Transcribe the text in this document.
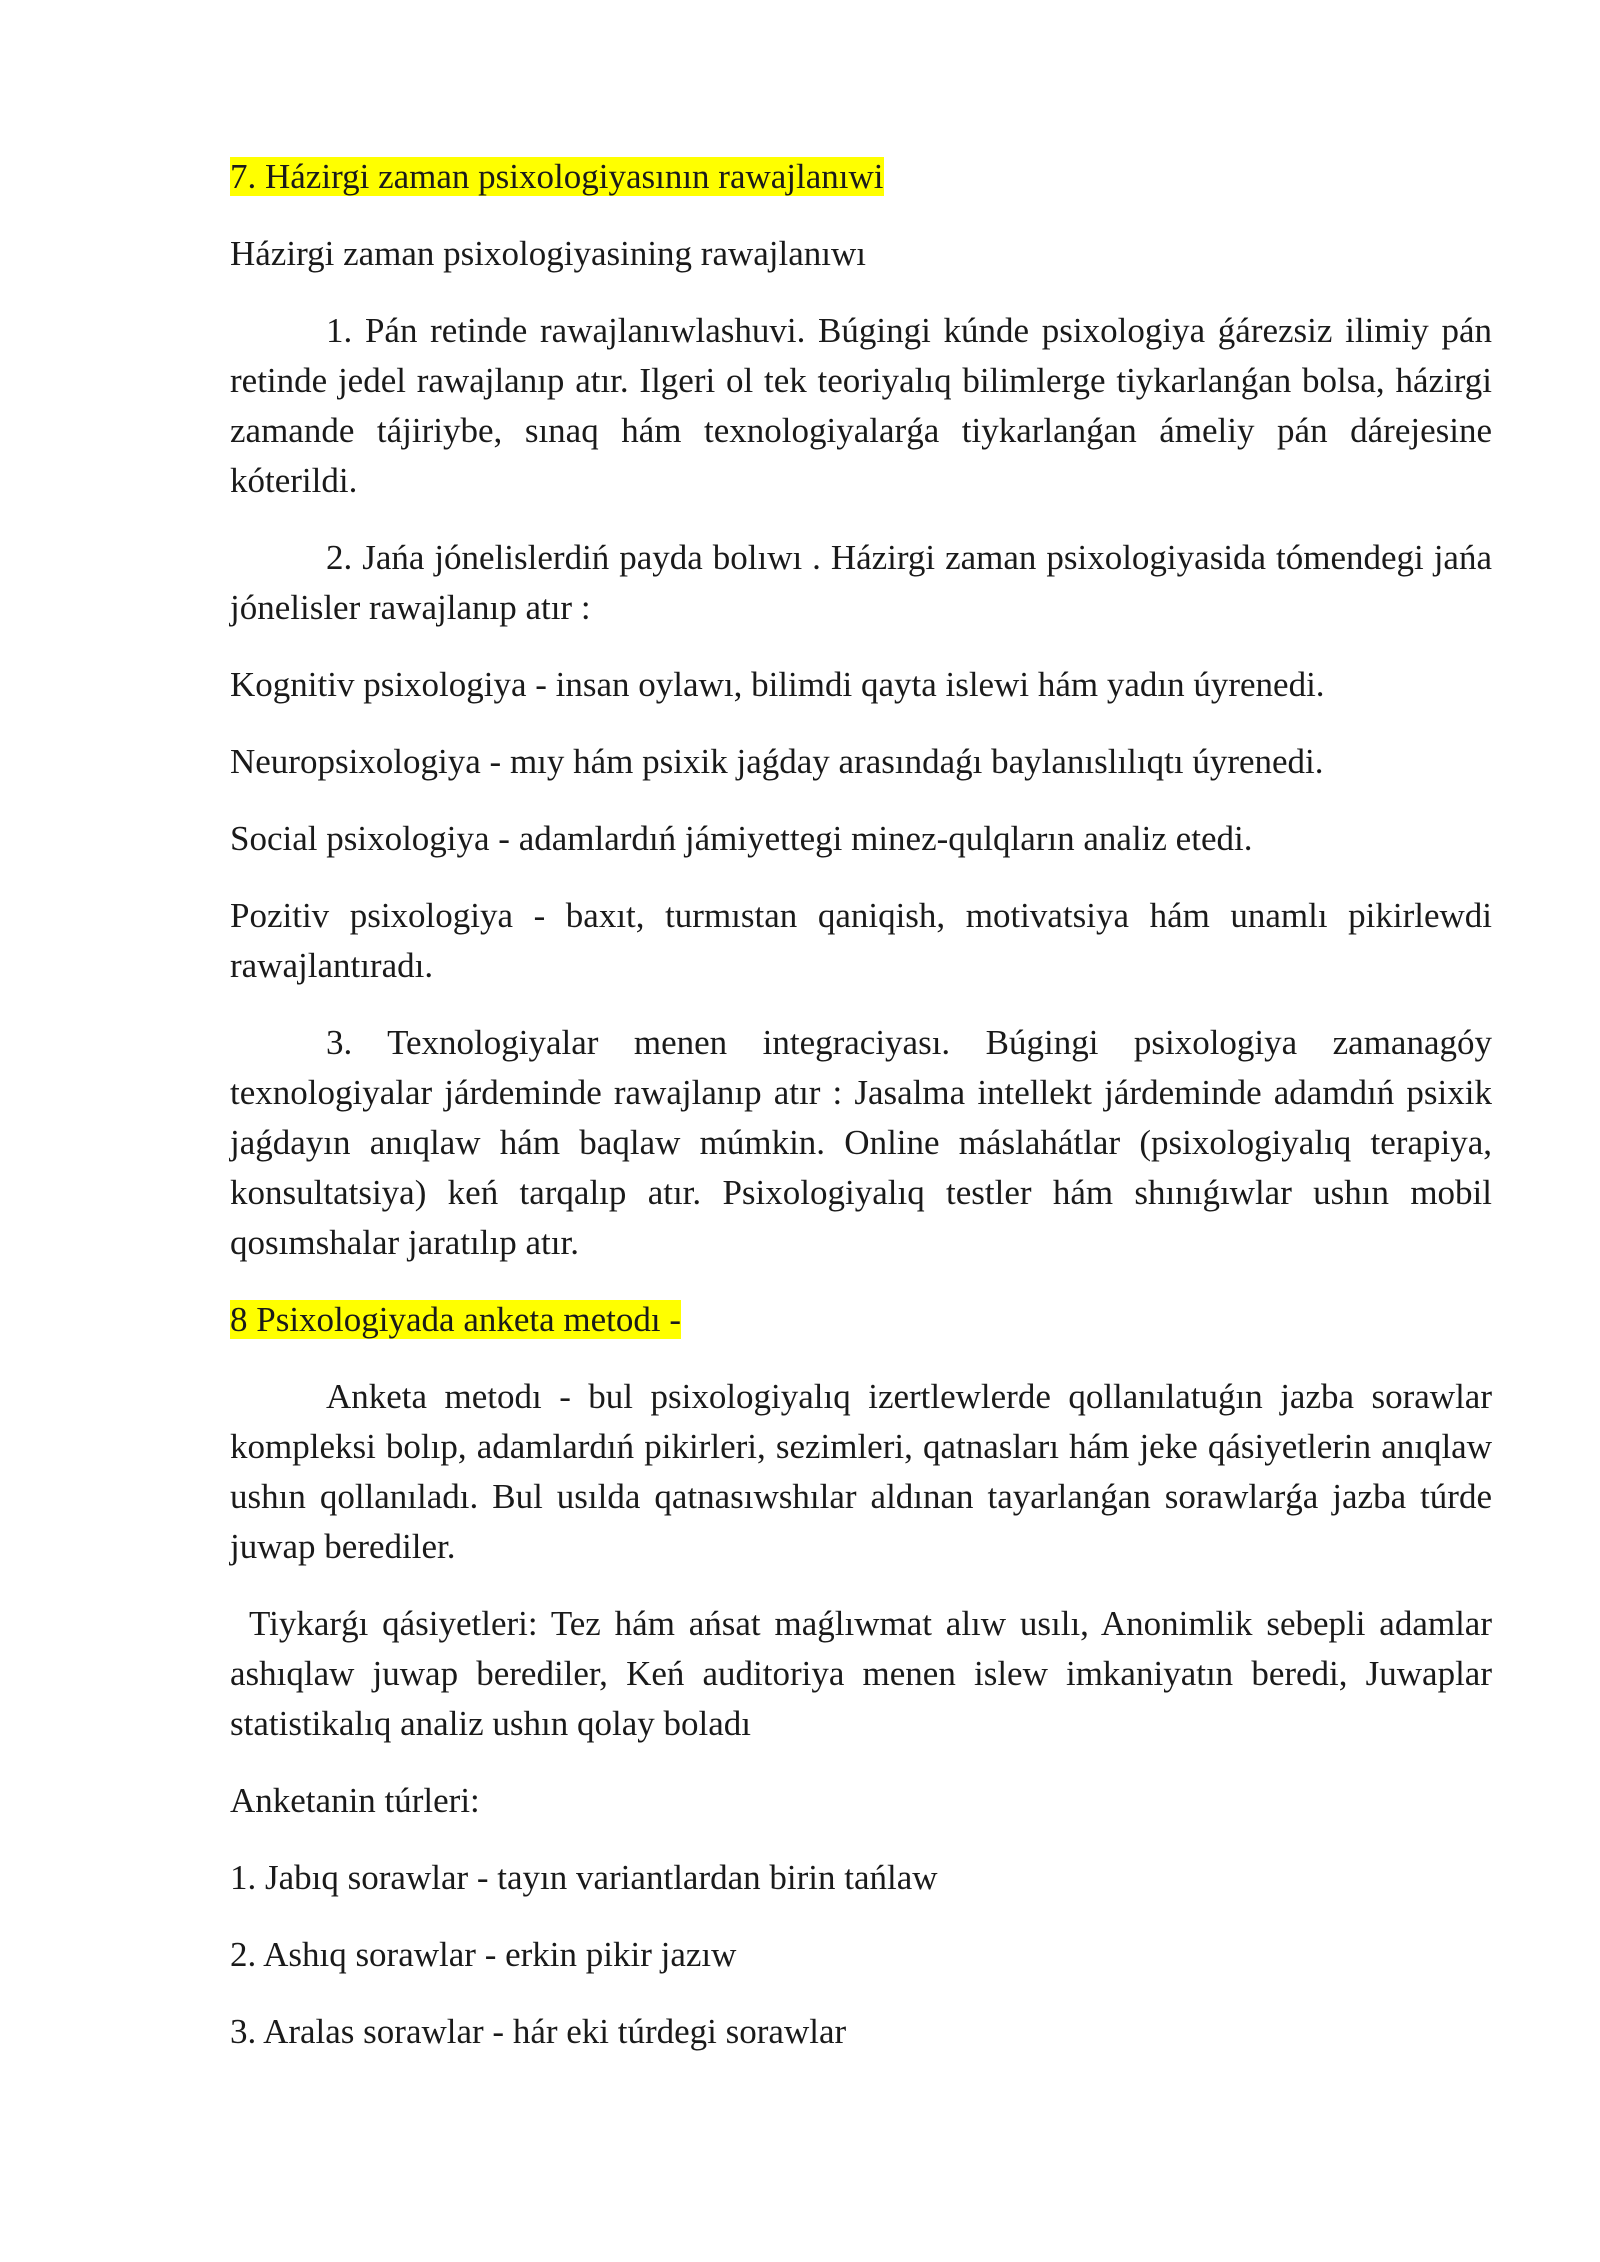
7. Házirgi zaman psixologiyasının rawajlanıwi

Házirgi zaman psixologiyasining rawajlanıwı

1. Pán retinde rawajlanıwlashuvi. Búgingi kúnde psixologiya ǵárezsiz ilimiy pán retinde jedel rawajlanıp atır. Ilgeri ol tek teoriyalıq bilimlerge tiykarlanǵan bolsa, házirgi zamande tájiriybe, sınaq hám texnologiyalarǵa tiykarlanǵan ámeliy pán dárejesine kóterildi.

2. Jańa jónelislerdiń payda bolıwı . Házirgi zaman psixologiyasida tómendegi jańa jónelisler rawajlanıp atır :

Kognitiv psixologiya - insan oylawı, bilimdi qayta islewi hám yadın úyrenedi.

Neuropsixologiya - mıy hám psixik jaǵday arasındaǵı baylanıslılıqtı úyrenedi.

Social psixologiya - adamlardıń jámiyettegi minez-qulqların analiz etedi.

Pozitiv psixologiya - baxıt, turmıstan qaniqish, motivatsiya hám unamlı pikirlewdi rawajlantıradı.

3. Texnologiyalar menen integraciyası. Búgingi psixologiya zamanagóy texnologiyalar járdeminde rawajlanıp atır : Jasalma intellekt járdeminde adamdıń psixik jaǵdayın anıqlaw hám baqlaw múmkin. Online máslahátlar (psixologiyalıq terapiya, konsultatsiya) keń tarqalıp atır. Psixologiyalıq testler hám shınıǵıwlar ushın mobil qosımshalar jaratılıp atır.

8 Psixologiyada anketa metodı -

Anketa metodı - bul psixologiyalıq izertlewlerde qollanılatuǵın jazba sorawlar kompleksi bolıp, adamlardıń pikirleri, sezimleri, qatnasları hám jeke qásiyetlerin anıqlaw ushın qollanıladı. Bul usılda qatnasıwshılar aldınan tayarlanǵan sorawlarǵa jazba túrde juwap berediler.

Tiykarǵı qásiyetleri: Tez hám ańsat maǵlıwmat alıw usılı, Anonimlik sebepli adamlar ashıqlaw juwap berediler, Keń auditoriya menen islew imkaniyatın beredi, Juwaplar statistikalıq analiz ushın qolay boladı

Anketanin túrleri:

1. Jabıq sorawlar - tayın variantlardan birin tańlaw

2. Ashıq sorawlar - erkin pikir jazıw

3. Aralas sorawlar - hár eki túrdegi sorawlar
